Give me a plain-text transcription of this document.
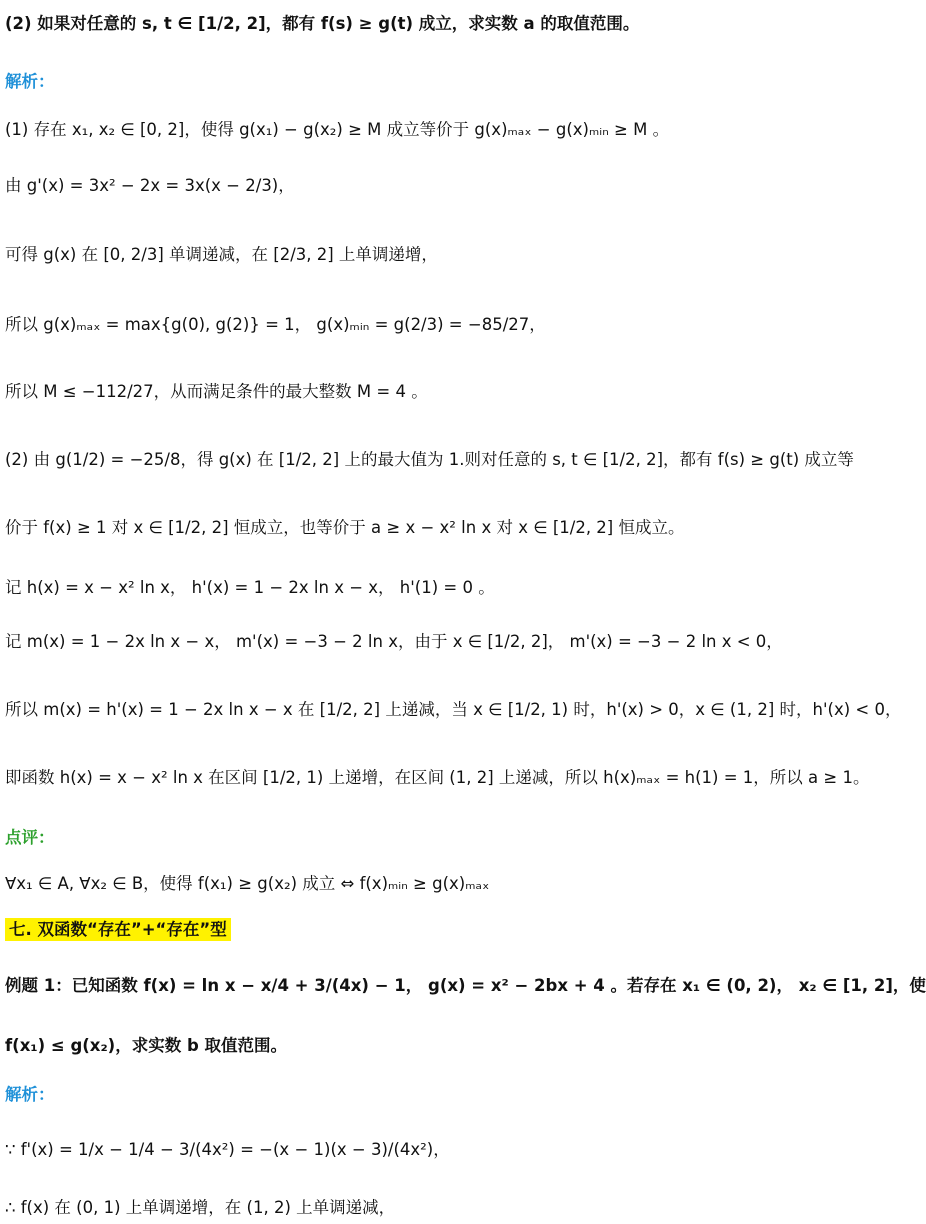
(2) 如果对任意的 s, t ∈ [1/2, 2]，都有 f(s) ≥ g(t) 成立，求实数 a 的取值范围。
解析：
(1) 存在 x₁, x₂ ∈ [0, 2]，使得 g(x₁) − g(x₂) ≥ M 成立等价于 g(x)ₘₐₓ − g(x)ₘᵢₙ ≥ M 。
由 g'(x) = 3x² − 2x = 3x(x − 2/3)，
可得 g(x) 在 [0, 2/3] 单调递减，在 [2/3, 2] 上单调递增，
所以 g(x)ₘₐₓ = max{g(0), g(2)} = 1， g(x)ₘᵢₙ = g(2/3) = −85/27，
所以 M ≤ −112/27，从而满足条件的最大整数 M = 4 。
(2) 由 g(1/2) = −25/8，得 g(x) 在 [1/2, 2] 上的最大值为 1.则对任意的 s, t ∈ [1/2, 2]，都有 f(s) ≥ g(t) 成立等
价于 f(x) ≥ 1 对 x ∈ [1/2, 2] 恒成立，也等价于 a ≥ x − x² ln x 对 x ∈ [1/2, 2] 恒成立。
记 h(x) = x − x² ln x， h'(x) = 1 − 2x ln x − x， h'(1) = 0 。
记 m(x) = 1 − 2x ln x − x， m'(x) = −3 − 2 ln x，由于 x ∈ [1/2, 2]， m'(x) = −3 − 2 ln x < 0，
所以 m(x) = h'(x) = 1 − 2x ln x − x 在 [1/2, 2] 上递减，当 x ∈ [1/2, 1) 时，h'(x) > 0，x ∈ (1, 2] 时，h'(x) < 0，
即函数 h(x) = x − x² ln x 在区间 [1/2, 1) 上递增，在区间 (1, 2] 上递减，所以 h(x)ₘₐₓ = h(1) = 1，所以 a ≥ 1。
点评：
∀x₁ ∈ A, ∀x₂ ∈ B，使得 f(x₁) ≥ g(x₂) 成立 ⇔ f(x)ₘᵢₙ ≥ g(x)ₘₐₓ
七. 双函数“存在”+“存在”型
例题 1：已知函数 f(x) = ln x − x/4 + 3/(4x) − 1， g(x) = x² − 2bx + 4 。若存在 x₁ ∈ (0, 2)， x₂ ∈ [1, 2]，使
f(x₁) ≤ g(x₂)，求实数 b 取值范围。
解析：
∵ f'(x) = 1/x − 1/4 − 3/(4x²) = −(x − 1)(x − 3)/(4x²)，
∴ f(x) 在 (0, 1) 上单调递增，在 (1, 2) 上单调递减，
